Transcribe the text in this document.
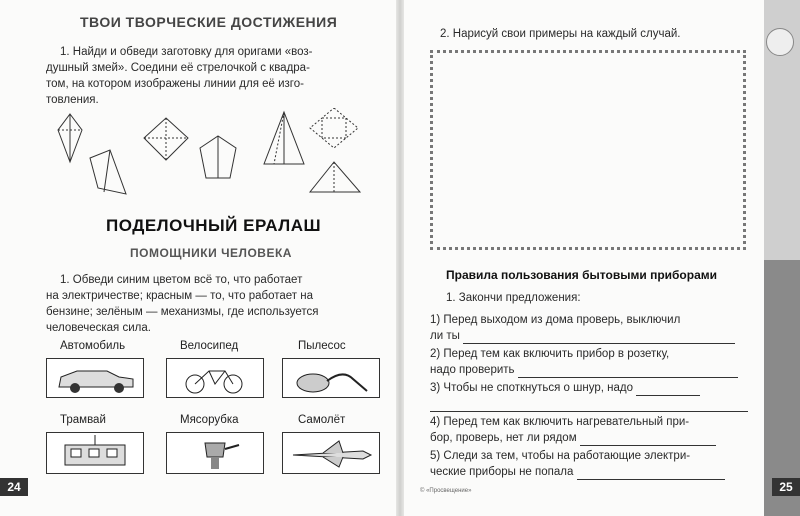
ТВОИ ТВОРЧЕСКИЕ ДОСТИЖЕНИЯ
1. Найди и обведи заготовку для оригами «воз-
душный змей». Соедини её стрелочкой с квадра-
том, на котором изображены линии для её изго-
товления.
ПОДЕЛОЧНЫЙ ЕРАЛАШ
ПОМОЩНИКИ ЧЕЛОВЕКА
1. Обведи синим цветом всё то, что работает
на электричестве; красным — то, что работает на
бензине; зелёным — механизмы, где используется
человеческая сила.
Автомобиль	Велосипед	Пылесос
Трамвай	Мясорубка	Самолёт
24
2. Нарисуй свои примеры на каждый случай.
Правила пользования бытовыми приборами
1. Закончи предложения:
1) Перед выходом из дома проверь, выключил
ли ты
2) Перед тем как включить прибор в розетку,
надо проверить
3) Чтобы не споткнуться о шнур, надо
4) Перед тем как включить нагревательный при-
бор, проверь, нет ли рядом
5) Следи за тем, чтобы на работающие электри-
ческие приборы не попала
© «Просвещение»	25
